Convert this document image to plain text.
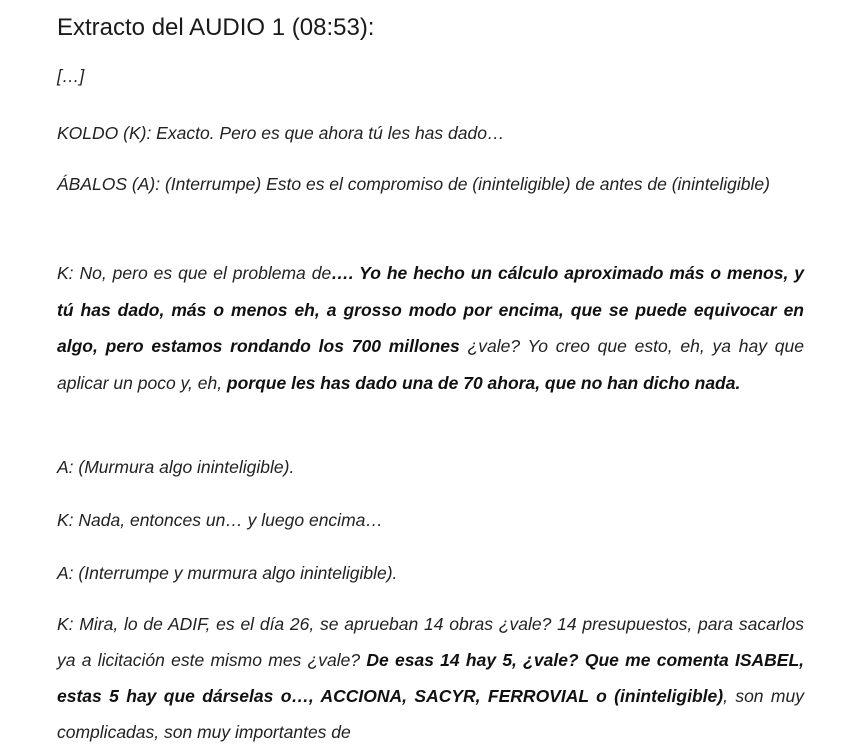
Extracto del AUDIO 1 (08:53):

[…]

KOLDO (K): Exacto. Pero es que ahora tú les has dado…

ÁBALOS (A): (Interrumpe) Esto es el compromiso de (ininteligible) de antes de (ininteligible)

K: No, pero es que el problema de…. Yo he hecho un cálculo aproximado más o menos, y tú has dado, más o menos eh, a grosso modo por encima, que se puede equivocar en algo, pero estamos rondando los 700 millones ¿vale? Yo creo que esto, eh, ya hay que aplicar un poco y, eh, porque les has dado una de 70 ahora, que no han dicho nada.

A: (Murmura algo ininteligible).

K: Nada, entonces un… y luego encima…

A: (Interrumpe y murmura algo ininteligible).

K: Mira, lo de ADIF, es el día 26, se aprueban 14 obras ¿vale? 14 presupuestos, para sacarlos ya a licitación este mismo mes ¿vale? De esas 14 hay 5, ¿vale? Que me comenta ISABEL, estas 5 hay que dárselas o…, ACCIONA, SACYR, FERROVIAL o (ininteligible), son muy complicadas, son muy importantes de
